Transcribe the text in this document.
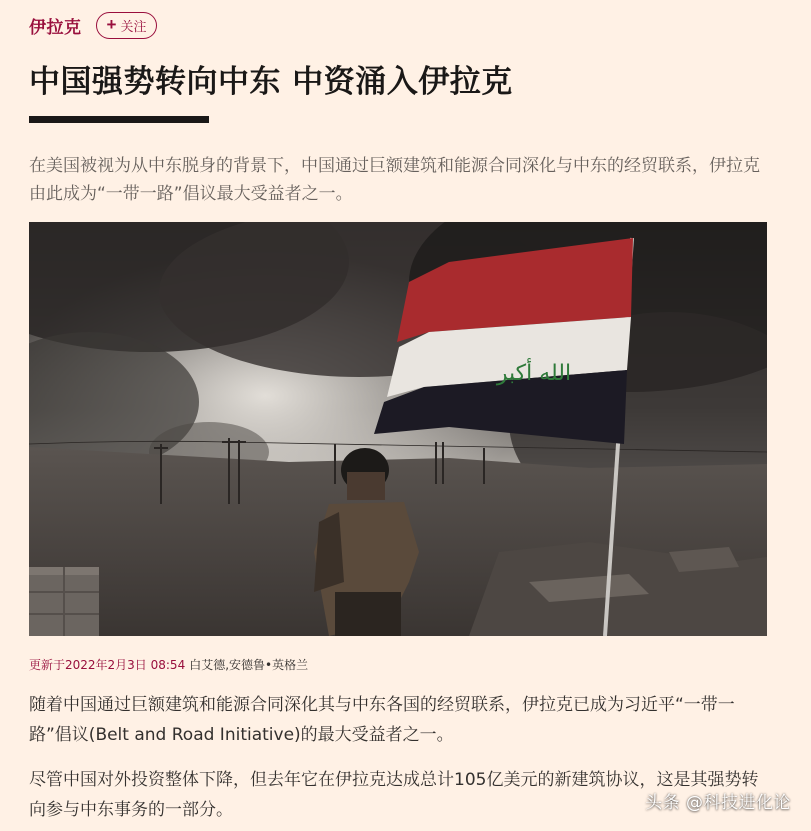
伊拉克 + 关注
中国强势转向中东 中资涌入伊拉克

在美国被视为从中东脱身的背景下，中国通过巨额建筑和能源合同深化与中东的经贸联系，伊拉克由此成为“一带一路”倡议最大受益者之一。

الله أكبر
更新于2022年2月3日 08:54 白艾德,安德鲁•英格兰

随着中国通过巨额建筑和能源合同深化其与中东各国的经贸联系，伊拉克已成为习近平“一带一路”倡议(Belt and Road Initiative)的最大受益者之一。

尽管中国对外投资整体下降，但去年它在伊拉克达成总计105亿美元的新建筑协议，这是其强势转向参与中东事务的一部分。	头条 @科技进化论
